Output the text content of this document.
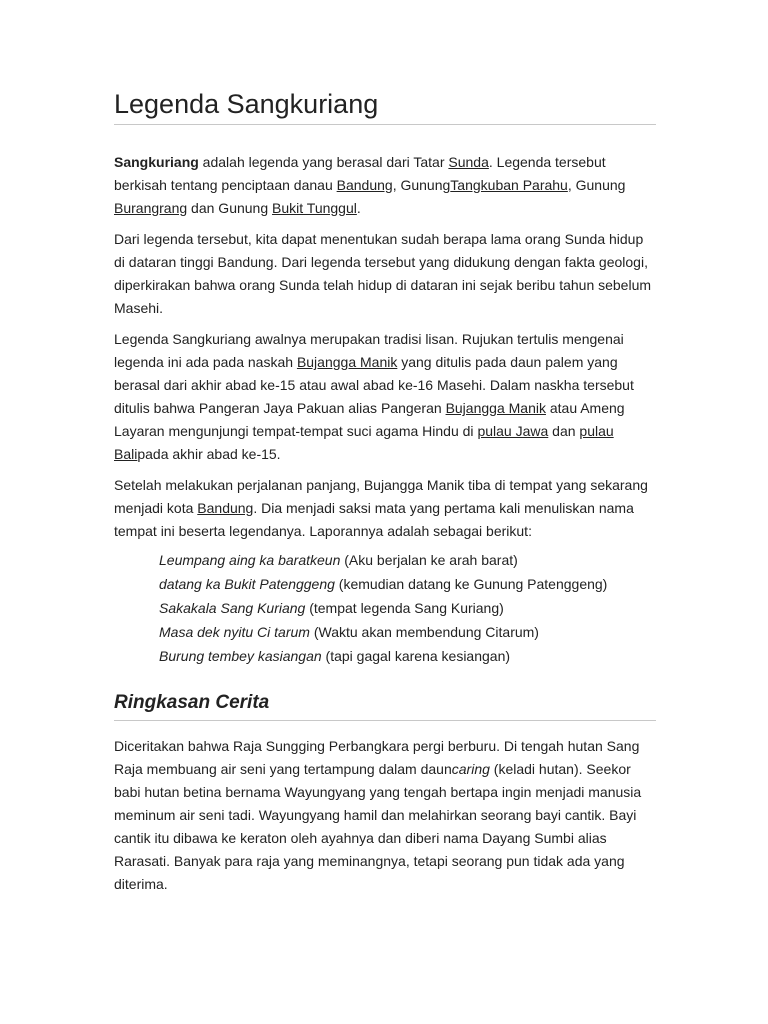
Legenda Sangkuriang

Sangkuriang adalah legenda yang berasal dari Tatar Sunda. Legenda tersebut berkisah tentang penciptaan danau Bandung, GunungTangkuban Parahu, Gunung Burangrang dan Gunung Bukit Tunggul.

Dari legenda tersebut, kita dapat menentukan sudah berapa lama orang Sunda hidup di dataran tinggi Bandung. Dari legenda tersebut yang didukung dengan fakta geologi, diperkirakan bahwa orang Sunda telah hidup di dataran ini sejak beribu tahun sebelum Masehi.

Legenda Sangkuriang awalnya merupakan tradisi lisan. Rujukan tertulis mengenai legenda ini ada pada naskah Bujangga Manik yang ditulis pada daun palem yang berasal dari akhir abad ke-15 atau awal abad ke-16 Masehi. Dalam naskha tersebut ditulis bahwa Pangeran Jaya Pakuan alias Pangeran Bujangga Manik atau Ameng Layaran mengunjungi tempat-tempat suci agama Hindu di pulau Jawa dan pulau Balipada akhir abad ke-15.

Setelah melakukan perjalanan panjang, Bujangga Manik tiba di tempat yang sekarang menjadi kota Bandung. Dia menjadi saksi mata yang pertama kali menuliskan nama tempat ini beserta legendanya. Laporannya adalah sebagai berikut:

Leumpang aing ka baratkeun (Aku berjalan ke arah barat)
datang ka Bukit Patenggeng (kemudian datang ke Gunung Patenggeng)
Sakakala Sang Kuriang (tempat legenda Sang Kuriang)
Masa dek nyitu Ci tarum (Waktu akan membendung Citarum)
Burung tembey kasiangan (tapi gagal karena kesiangan)
Ringkasan Cerita

Diceritakan bahwa Raja Sungging Perbangkara pergi berburu. Di tengah hutan Sang Raja membuang air seni yang tertampung dalam dauncaring (keladi hutan). Seekor babi hutan betina bernama Wayungyang yang tengah bertapa ingin menjadi manusia meminum air seni tadi. Wayungyang hamil dan melahirkan seorang bayi cantik. Bayi cantik itu dibawa ke keraton oleh ayahnya dan diberi nama Dayang Sumbi alias Rarasati. Banyak para raja yang meminangnya, tetapi seorang pun tidak ada yang diterima.
